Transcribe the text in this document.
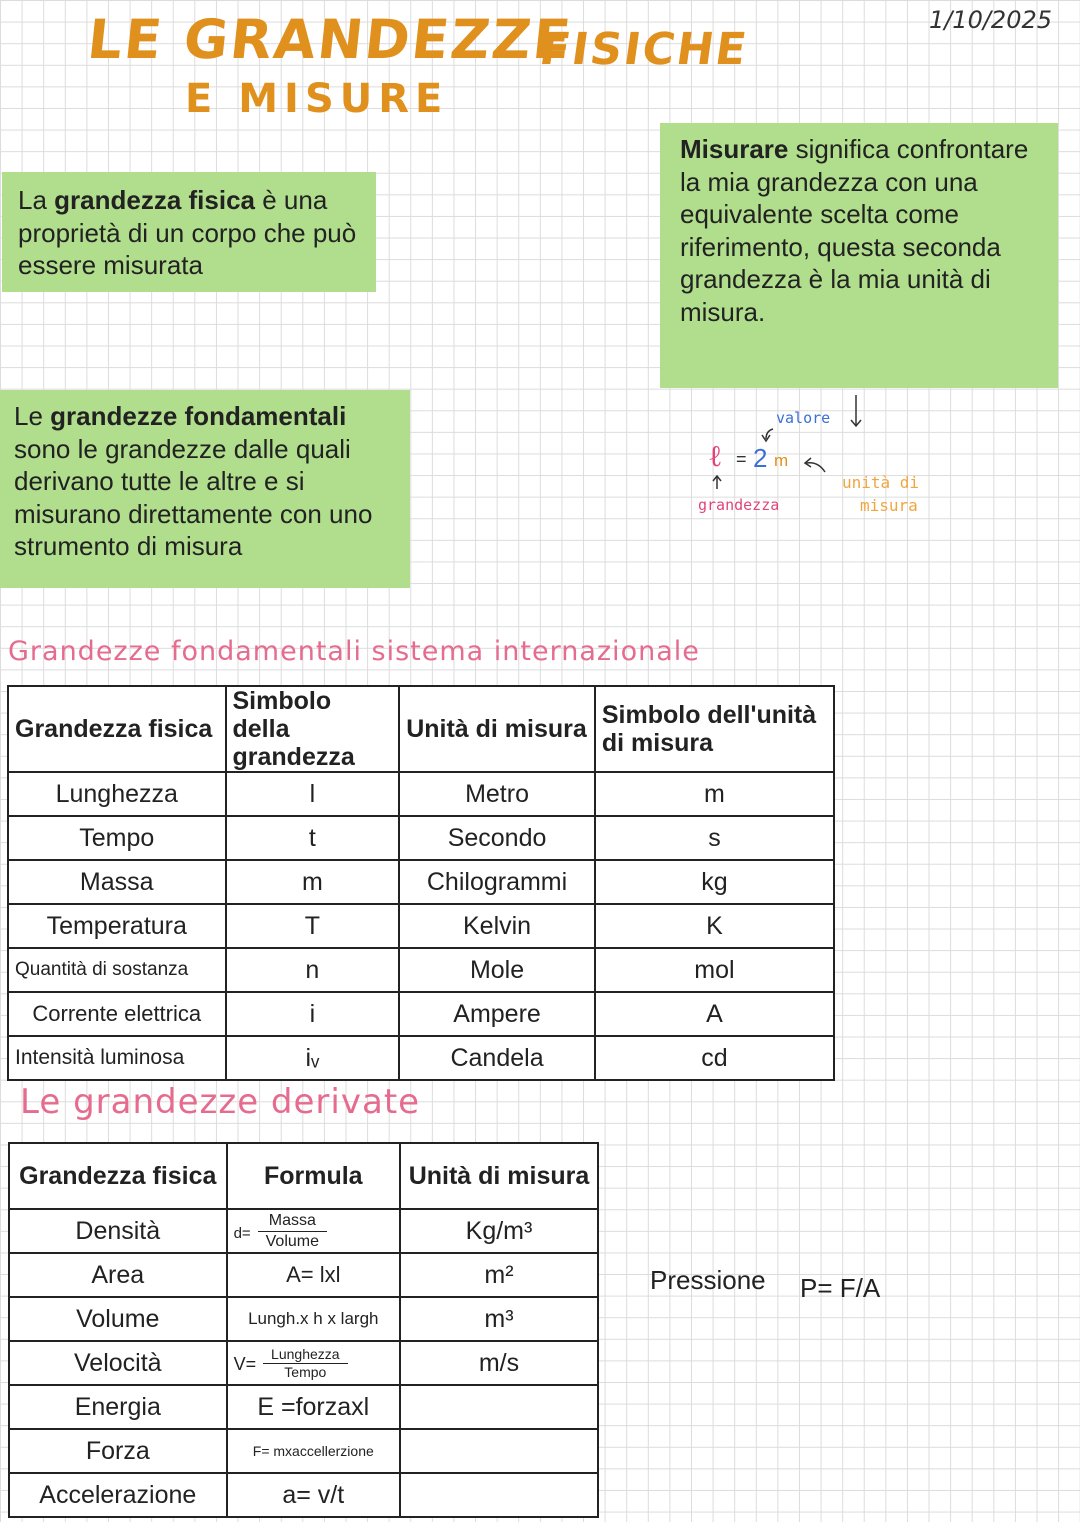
LE GRANDEZZE
FISICHE
E MISURE
1/10/2025
La grandezza fisica è una proprietà di un corpo che può essere misurata
Misurare significa confrontare la mia grandezza con una equivalente scelta come riferimento, questa seconda grandezza è la mia unità di misura.
Le grandezze fondamentali sono le grandezze dalle quali derivano tutte le altre e si misurano direttamente con uno strumento di misura
valore
ℓ = 2 m
grandezza
unità di
misura
Grandezze fondamentali sistema internazionale
Grandezza fisica	Simbolo della grandezza	Unità di misura	Simbolo dell'unità di misura
Lunghezza	l	Metro	m
Tempo	t	Secondo	s
Massa	m	Chilogrammi	kg
Temperatura	T	Kelvin	K
Quantità di sostanza	n	Mole	mol
Corrente elettrica	i	Ampere	A
Intensità luminosa	iᵥ	Candela	cd
Le grandezze derivate
Grandezza fisica	Formula	Unità di misura
Densità	$d= \frac{\text{Massa}}{\text{Volume}}$	Kg/m³
Area	A= lxl	m²
Volume	Lungh.x h x largh	m³
Velocità	$V= \frac{\text{Lunghezza}}{\text{Tempo}}$	m/s
Energia	E =forzaxl	
Forza	F= mxaccellerzione	
Accelerazione	a= v/t	
Pressione P= F/A
